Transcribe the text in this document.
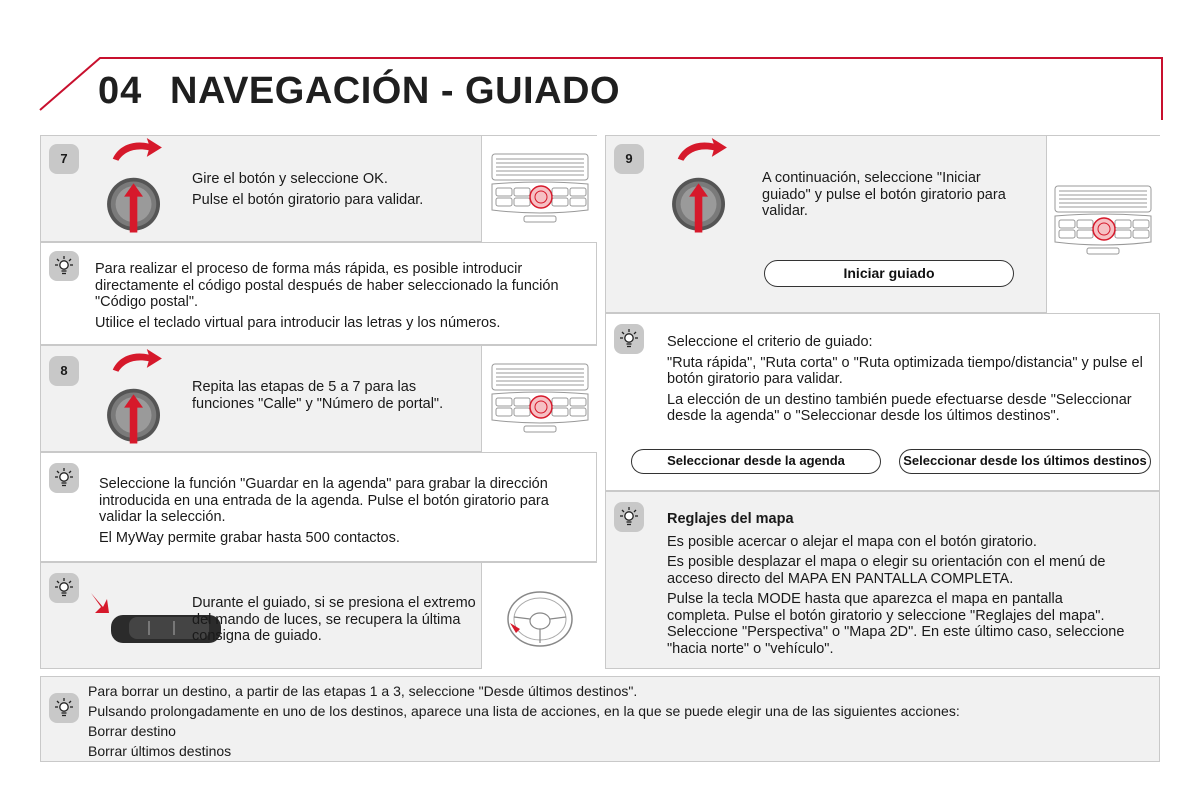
04 NAVEGACIÓN - GUIADO
7

Gire el botón y seleccione OK.

Pulse el botón giratorio para validar.

Para realizar el proceso de forma más rápida, es posible introducir directamente el código postal después de haber seleccionado la función "Código postal".

Utilice el teclado virtual para introducir las letras y los números.

8
Repita las etapas de 5 a 7 para las funciones "Calle" y "Número de portal".

Seleccione la función "Guardar en la agenda" para grabar la dirección introducida en una entrada de la agenda. Pulse el botón giratorio para validar la selección.

El MyWay permite grabar hasta 500 contactos.

Durante el guiado, si se presiona el extremo del mando de luces, se recupera la última consigna de guiado.
9
A continuación, seleccione "Iniciar guiado" y pulse el botón giratorio para validar.
Iniciar guiado

Seleccione el criterio de guiado:

"Ruta rápida", "Ruta corta" o "Ruta optimizada tiempo/distancia" y pulse el botón giratorio para validar.

La elección de un destino también puede efectuarse desde "Seleccionar desde la agenda" o "Seleccionar desde los últimos destinos".

Seleccionar desde la agenda	Seleccionar desde los últimos destinos

Reglajes del mapa

Es posible acercar o alejar el mapa con el botón giratorio.

Es posible desplazar el mapa o elegir su orientación con el menú de acceso directo del MAPA EN PANTALLA COMPLETA.

Pulse la tecla MODE hasta que aparezca el mapa en pantalla completa. Pulse el botón giratorio y seleccione "Reglajes del mapa". Seleccione "Perspectiva" o "Mapa 2D". En este último caso, seleccione "hacia norte" o "vehículo".

Para borrar un destino, a partir de las etapas 1 a 3, seleccione "Desde últimos destinos".

Pulsando prolongadamente en uno de los destinos, aparece una lista de acciones, en la que se puede elegir una de las siguientes acciones:

Borrar destino

Borrar últimos destinos
